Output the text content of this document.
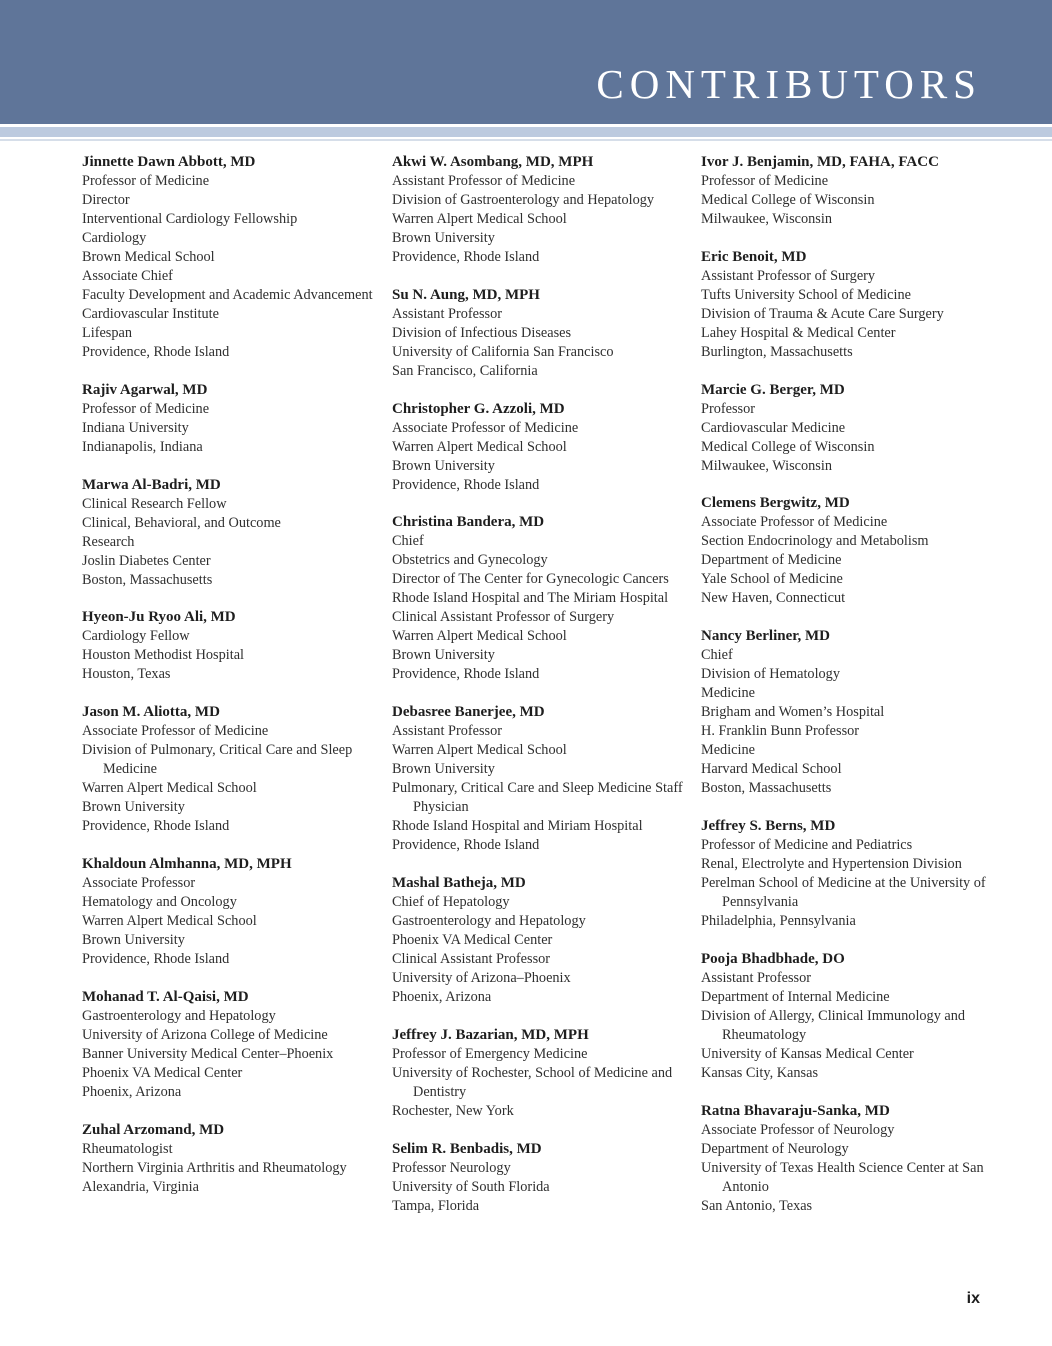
CONTRIBUTORS
Jinnette Dawn Abbott, MD
Professor of Medicine
Director
Interventional Cardiology Fellowship
Cardiology
Brown Medical School
Associate Chief
Faculty Development and Academic Advancement
Cardiovascular Institute
Lifespan
Providence, Rhode Island
Rajiv Agarwal, MD
Professor of Medicine
Indiana University
Indianapolis, Indiana
Marwa Al-Badri, MD
Clinical Research Fellow
Clinical, Behavioral, and Outcome
Research
Joslin Diabetes Center
Boston, Massachusetts
Hyeon-Ju Ryoo Ali, MD
Cardiology Fellow
Houston Methodist Hospital
Houston, Texas
Jason M. Aliotta, MD
Associate Professor of Medicine
Division of Pulmonary, Critical Care and Sleep Medicine
Warren Alpert Medical School
Brown University
Providence, Rhode Island
Khaldoun Almhanna, MD, MPH
Associate Professor
Hematology and Oncology
Warren Alpert Medical School
Brown University
Providence, Rhode Island
Mohanad T. Al-Qaisi, MD
Gastroenterology and Hepatology
University of Arizona College of Medicine
Banner University Medical Center–Phoenix
Phoenix VA Medical Center
Phoenix, Arizona
Zuhal Arzomand, MD
Rheumatologist
Northern Virginia Arthritis and Rheumatology
Alexandria, Virginia
Akwi W. Asombang, MD, MPH
Assistant Professor of Medicine
Division of Gastroenterology and Hepatology
Warren Alpert Medical School
Brown University
Providence, Rhode Island
Su N. Aung, MD, MPH
Assistant Professor
Division of Infectious Diseases
University of California San Francisco
San Francisco, California
Christopher G. Azzoli, MD
Associate Professor of Medicine
Warren Alpert Medical School
Brown University
Providence, Rhode Island
Christina Bandera, MD
Chief
Obstetrics and Gynecology
Director of The Center for Gynecologic Cancers
Rhode Island Hospital and The Miriam Hospital
Clinical Assistant Professor of Surgery
Warren Alpert Medical School
Brown University
Providence, Rhode Island
Debasree Banerjee, MD
Assistant Professor
Warren Alpert Medical School
Brown University
Pulmonary, Critical Care and Sleep Medicine Staff Physician
Rhode Island Hospital and Miriam Hospital
Providence, Rhode Island
Mashal Batheja, MD
Chief of Hepatology
Gastroenterology and Hepatology
Phoenix VA Medical Center
Clinical Assistant Professor
University of Arizona–Phoenix
Phoenix, Arizona
Jeffrey J. Bazarian, MD, MPH
Professor of Emergency Medicine
University of Rochester, School of Medicine and Dentistry
Rochester, New York
Selim R. Benbadis, MD
Professor Neurology
University of South Florida
Tampa, Florida
Ivor J. Benjamin, MD, FAHA, FACC
Professor of Medicine
Medical College of Wisconsin
Milwaukee, Wisconsin
Eric Benoit, MD
Assistant Professor of Surgery
Tufts University School of Medicine
Division of Trauma & Acute Care Surgery
Lahey Hospital & Medical Center
Burlington, Massachusetts
Marcie G. Berger, MD
Professor
Cardiovascular Medicine
Medical College of Wisconsin
Milwaukee, Wisconsin
Clemens Bergwitz, MD
Associate Professor of Medicine
Section Endocrinology and Metabolism
Department of Medicine
Yale School of Medicine
New Haven, Connecticut
Nancy Berliner, MD
Chief
Division of Hematology
Medicine
Brigham and Women’s Hospital
H. Franklin Bunn Professor
Medicine
Harvard Medical School
Boston, Massachusetts
Jeffrey S. Berns, MD
Professor of Medicine and Pediatrics
Renal, Electrolyte and Hypertension Division
Perelman School of Medicine at the University of Pennsylvania
Philadelphia, Pennsylvania
Pooja Bhadbhade, DO
Assistant Professor
Department of Internal Medicine
Division of Allergy, Clinical Immunology and Rheumatology
University of Kansas Medical Center
Kansas City, Kansas
Ratna Bhavaraju-Sanka, MD
Associate Professor of Neurology
Department of Neurology
University of Texas Health Science Center at San Antonio
San Antonio, Texas
ix
